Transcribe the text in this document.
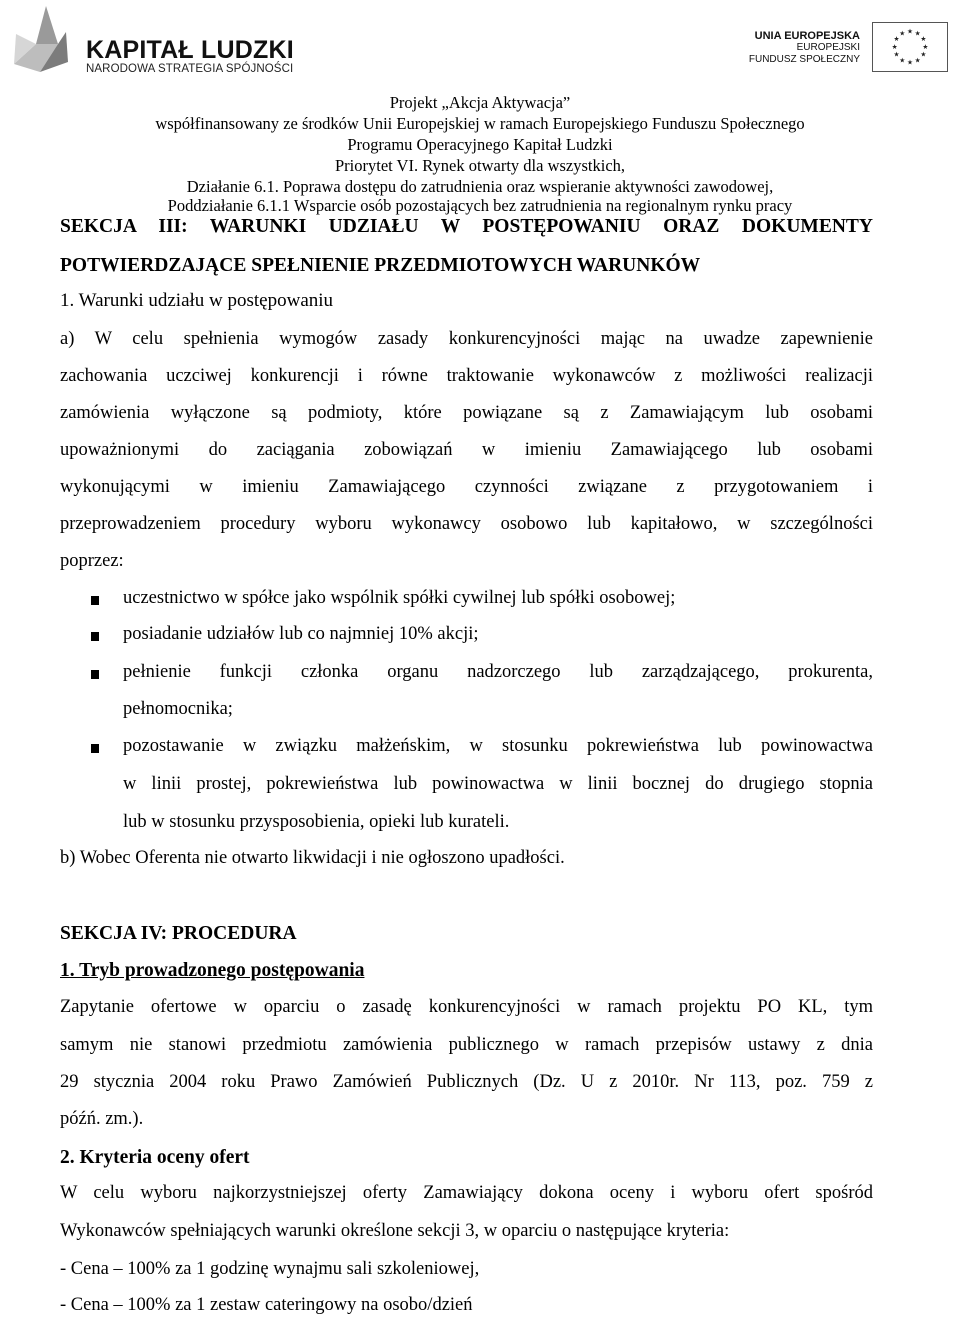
KAPITAŁ LUDZKI
NARODOWA STRATEGIA SPÓJNOŚCI
UNIA EUROPEJSKA
EUROPEJSKI
FUNDUSZ SPOŁECZNY
★ ★
★
★
★
★
★
★
★
★
★
★
Projekt „Akcja Aktywacja”
współfinansowany ze środków Unii Europejskiej w ramach Europejskiego Funduszu Społecznego
Programu Operacyjnego Kapitał Ludzki
Priorytet VI. Rynek otwarty dla wszystkich,
Działanie 6.1. Poprawa dostępu do zatrudnienia oraz wspieranie aktywności zawodowej,
Poddziałanie 6.1.1 Wsparcie osób pozostających bez zatrudnienia na regionalnym rynku pracy
SEKCJA III: WARUNKI UDZIAŁU W POSTĘPOWANIU ORAZ DOKUMENTY
POTWIERDZAJĄCE SPEŁNIENIE PRZEDMIOTOWYCH WARUNKÓW
1. Warunki udziału w postępowaniu
a) W celu spełnienia wymogów zasady konkurencyjności mając na uwadze zapewnienie
zachowania uczciwej konkurencji i równe traktowanie wykonawców z możliwości realizacji
zamówienia wyłączone są podmioty, które powiązane są z Zamawiającym lub osobami
upoważnionymi do zaciągania zobowiązań w imieniu Zamawiającego lub osobami
wykonującymi w imieniu Zamawiającego czynności związane z przygotowaniem i
przeprowadzeniem procedury wyboru wykonawcy osobowo lub kapitałowo, w szczególności
poprzez:
uczestnictwo w spółce jako wspólnik spółki cywilnej lub spółki osobowej;
posiadanie udziałów lub co najmniej 10% akcji;
pełnienie funkcji członka organu nadzorczego lub zarządzającego, prokurenta,
pełnomocnika;
pozostawanie w związku małżeńskim, w stosunku pokrewieństwa lub powinowactwa
w linii prostej, pokrewieństwa lub powinowactwa w linii bocznej do drugiego stopnia
lub w stosunku przysposobienia, opieki lub kurateli.
b) Wobec Oferenta nie otwarto likwidacji i nie ogłoszono upadłości.
SEKCJA IV: PROCEDURA
1. Tryb prowadzonego postępowania
Zapytanie ofertowe w oparciu o zasadę konkurencyjności w ramach projektu PO KL, tym
samym nie stanowi przedmiotu zamówienia publicznego w ramach przepisów ustawy z dnia
29 stycznia 2004 roku Prawo Zamówień Publicznych (Dz. U z 2010r. Nr 113, poz. 759 z
późń. zm.).
2. Kryteria oceny ofert
W celu wyboru najkorzystniejszej oferty Zamawiający dokona oceny i wyboru ofert spośród
Wykonawców spełniających warunki określone sekcji 3, w oparciu o następujące kryteria:
- Cena – 100% za 1 godzinę wynajmu sali szkoleniowej,
- Cena – 100% za 1 zestaw cateringowy na osobo/dzień
